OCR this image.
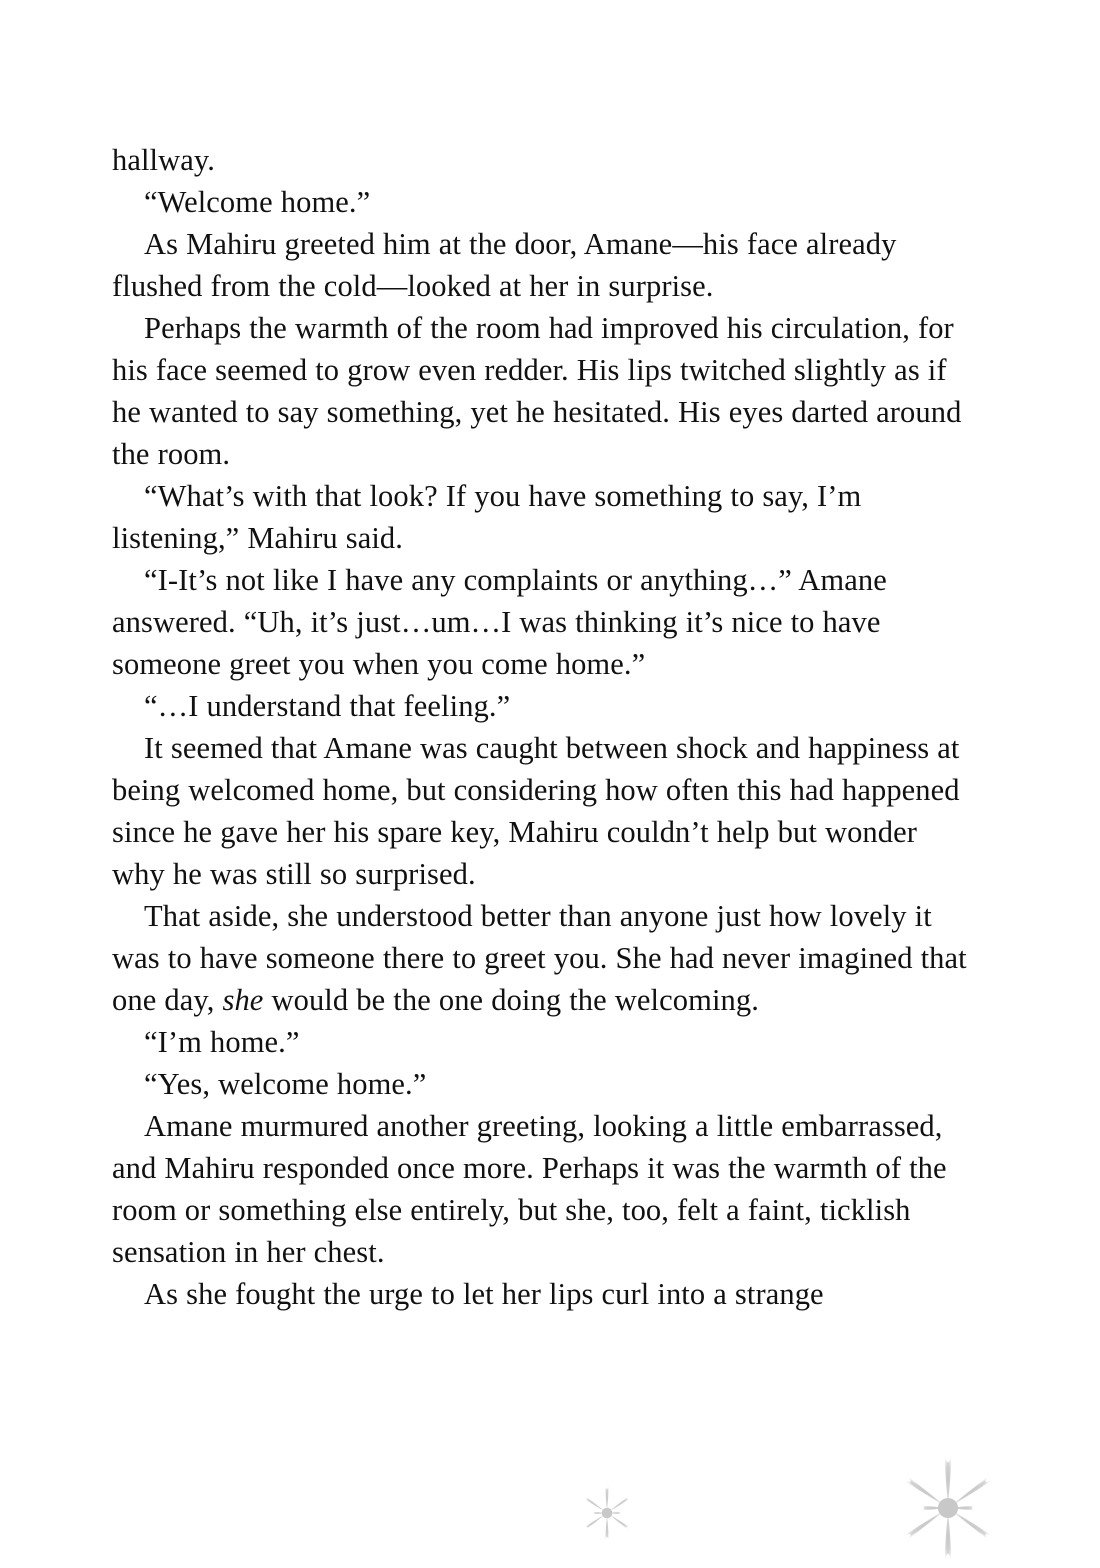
hallway.

“Welcome home.”

As Mahiru greeted him at the door, Amane—his face already flushed from the cold—looked at her in surprise.

Perhaps the warmth of the room had improved his circulation, for his face seemed to grow even redder. His lips twitched slightly as if he wanted to say something, yet he hesitated. His eyes darted around the room.

“What’s with that look? If you have something to say, I’m listening,” Mahiru said.

“I-It’s not like I have any complaints or anything…” Amane answered. “Uh, it’s just…um…I was thinking it’s nice to have someone greet you when you come home.”

“…I understand that feeling.”

It seemed that Amane was caught between shock and happiness at being welcomed home, but considering how often this had happened since he gave her his spare key, Mahiru couldn’t help but wonder why he was still so surprised.

That aside, she understood better than anyone just how lovely it was to have someone there to greet you. She had never imagined that one day, she would be the one doing the welcoming.

“I’m home.”

“Yes, welcome home.”

Amane murmured another greeting, looking a little embarrassed, and Mahiru responded once more. Perhaps it was the warmth of the room or something else entirely, but she, too, felt a faint, ticklish sensation in her chest.

As she fought the urge to let her lips curl into a strange
